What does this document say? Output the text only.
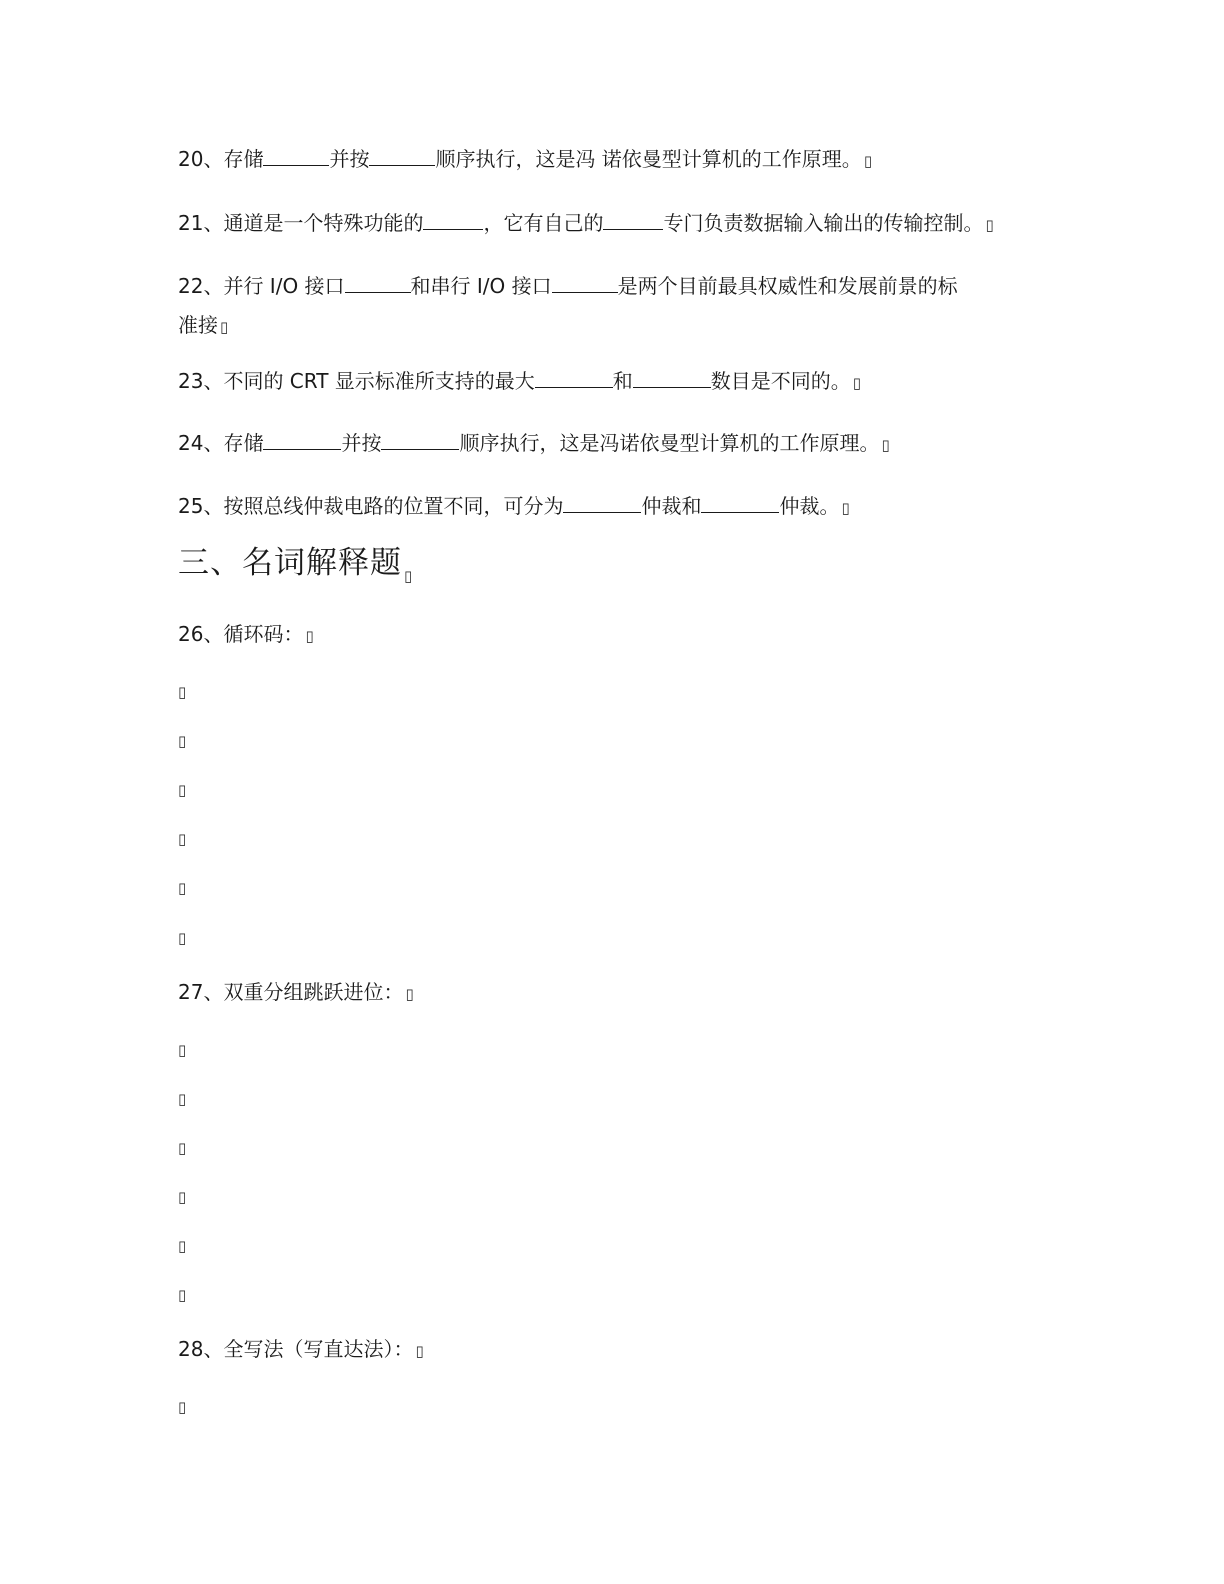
20、存储	并按	顺序执行，这是冯 诺依曼型计算机的工作原理。 ▯
21、通道是一个特殊功能的	，它有自己的	专门负责数据输入输出的传输控制。 ▯
22、并行 I/O 接口	和串行 I/O 接口	是两个目前最具权威性和发展前景的标
准接 ▯
23、不同的 CRT 显示标准所支持的最大	和	数目是不同的。 ▯
24、存储	并按	顺序执行，这是冯诺依曼型计算机的工作原理。 ▯
25、按照总线仲裁电路的位置不同，可分为	仲裁和	仲裁。 ▯
三、名词解释题 $_▯$
26、循环码： ▯
▯
▯
▯
▯
▯
▯
27、双重分组跳跃进位： ▯
▯
▯
▯
▯
▯
▯
28、全写法（写直达法）： ▯
▯
